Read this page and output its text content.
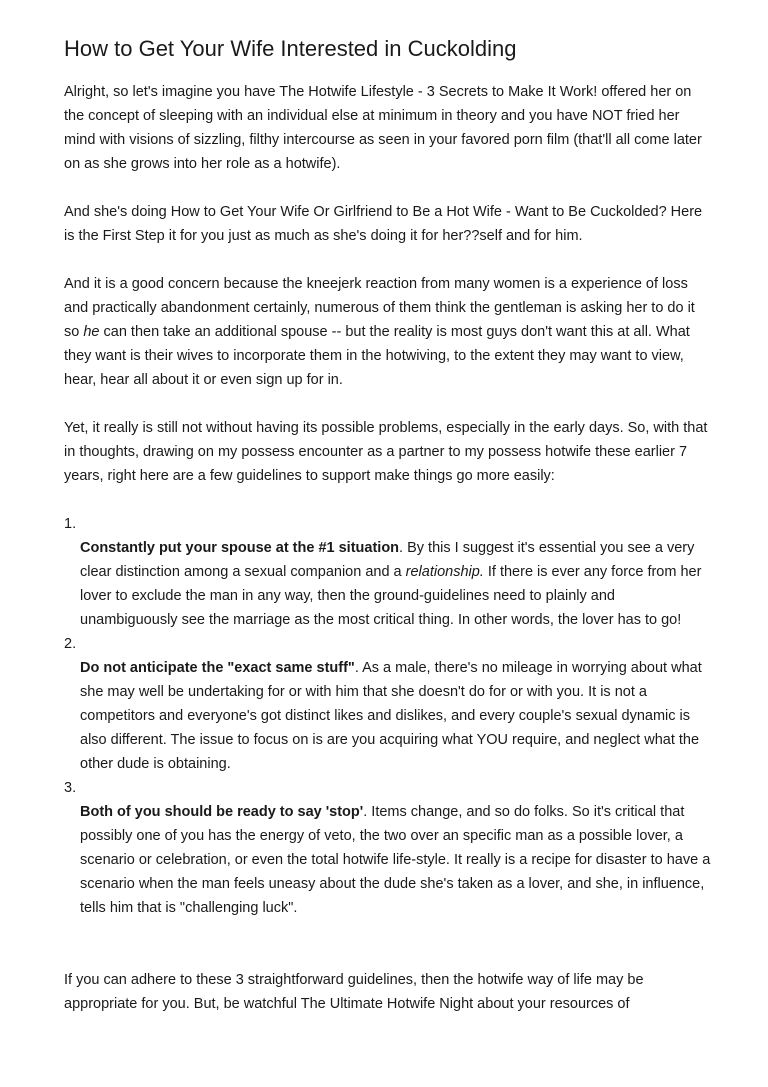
How to Get Your Wife Interested in Cuckolding

Alright, so let's imagine you have The Hotwife Lifestyle - 3 Secrets to Make It Work! offered her on the concept of sleeping with an individual else at minimum in theory and you have NOT fried her mind with visions of sizzling, filthy intercourse as seen in your favored porn film (that'll all come later on as she grows into her role as a hotwife).

And she's doing How to Get Your Wife Or Girlfriend to Be a Hot Wife - Want to Be Cuckolded? Here is the First Step it for you just as much as she's doing it for her??self and for him.

And it is a good concern because the kneejerk reaction from many women is a experience of loss and practically abandonment certainly, numerous of them think the gentleman is asking her to do it so he can then take an additional spouse -- but the reality is most guys don't want this at all. What they want is their wives to incorporate them in the hotwiving, to the extent they may want to view, hear, hear all about it or even sign up for in.

Yet, it really is still not without having its possible problems, especially in the early days. So, with that in thoughts, drawing on my possess encounter as a partner to my possess hotwife these earlier 7 years, right here are a few guidelines to support make things go more easily:

1.
Constantly put your spouse at the #1 situation. By this I suggest it's essential you see a very clear distinction among a sexual companion and a relationship. If there is ever any force from her lover to exclude the man in any way, then the ground-guidelines need to plainly and unambiguously see the marriage as the most critical thing. In other words, the lover has to go!
2.
Do not anticipate the "exact same stuff". As a male, there's no mileage in worrying about what she may well be undertaking for or with him that she doesn't do for or with you. It is not a competitors and everyone's got distinct likes and dislikes, and every couple's sexual dynamic is also different. The issue to focus on is are you acquiring what YOU require, and neglect what the other dude is obtaining.
3.
Both of you should be ready to say 'stop'. Items change, and so do folks. So it's critical that possibly one of you has the energy of veto, the two over an specific man as a possible lover, a scenario or celebration, or even the total hotwife life-style. It really is a recipe for disaster to have a scenario when the man feels uneasy about the dude she's taken as a lover, and she, in influence, tells him that is "challenging luck".

If you can adhere to these 3 straightforward guidelines, then the hotwife way of life may be appropriate for you. But, be watchful The Ultimate Hotwife Night about your resources of
